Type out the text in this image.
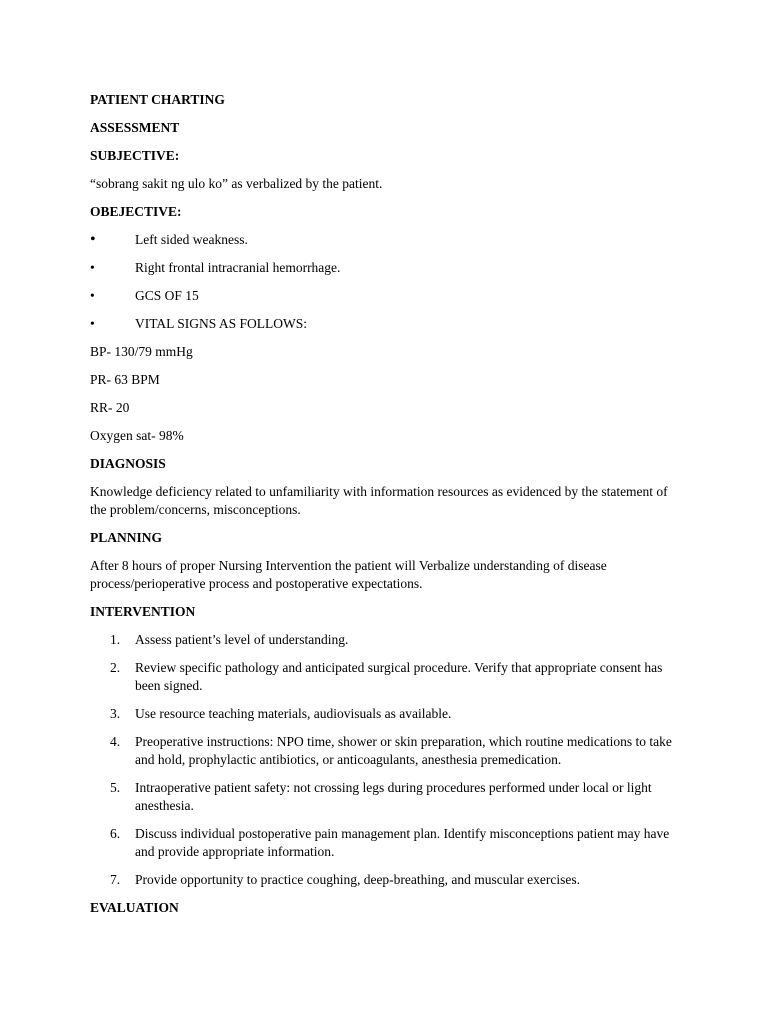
PATIENT CHARTING
ASSESSMENT
SUBJECTIVE:
“sobrang sakit ng ulo ko” as verbalized by the patient.
OBEJECTIVE:
•	Left sided weakness.
•	Right frontal intracranial hemorrhage.
•	GCS OF 15
•	VITAL SIGNS AS FOLLOWS:
BP- 130/79 mmHg
PR- 63 BPM
RR- 20
Oxygen sat- 98%
DIAGNOSIS
Knowledge deficiency related to unfamiliarity with information resources as evidenced by the statement of the problem/concerns, misconceptions.
PLANNING
After 8 hours of proper Nursing Intervention the patient will Verbalize understanding of disease process/perioperative process and postoperative expectations.
INTERVENTION
1.	Assess patient’s level of understanding.
2.	Review specific pathology and anticipated surgical procedure. Verify that appropriate consent has been signed.
3.	Use resource teaching materials, audiovisuals as available.
4.	Preoperative instructions: NPO time, shower or skin preparation, which routine medications to take and hold, prophylactic antibiotics, or anticoagulants, anesthesia premedication.
5.	Intraoperative patient safety: not crossing legs during procedures performed under local or light anesthesia.
6.	Discuss individual postoperative pain management plan. Identify misconceptions patient may have and provide appropriate information.
7.	Provide opportunity to practice coughing, deep-breathing, and muscular exercises.
EVALUATION
